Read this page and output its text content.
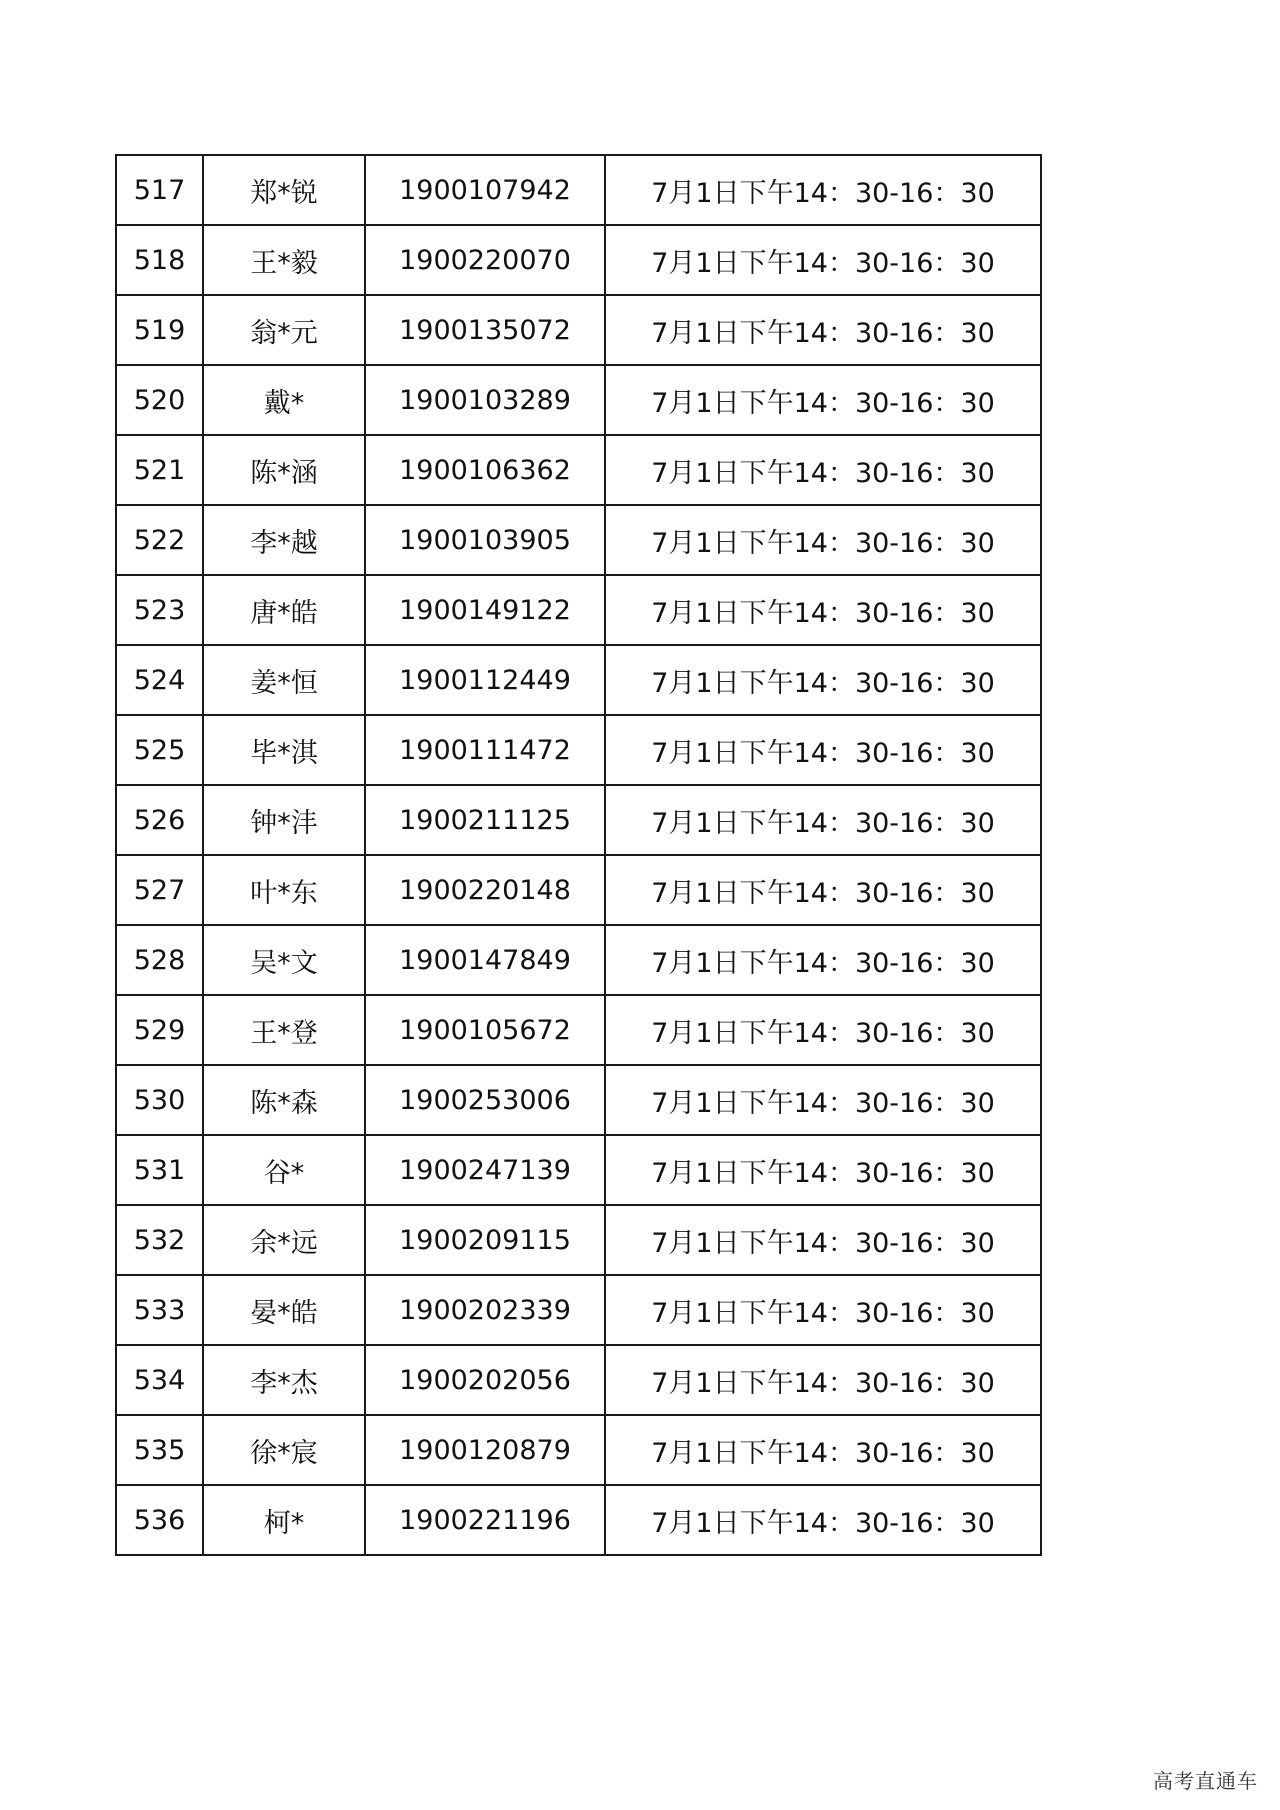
517	郑*锐	1900107942	7月1日下午14：30-16：30
518	王*毅	1900220070	7月1日下午14：30-16：30
519	翁*元	1900135072	7月1日下午14：30-16：30
520	戴*	1900103289	7月1日下午14：30-16：30
521	陈*涵	1900106362	7月1日下午14：30-16：30
522	李*越	1900103905	7月1日下午14：30-16：30
523	唐*皓	1900149122	7月1日下午14：30-16：30
524	姜*恒	1900112449	7月1日下午14：30-16：30
525	毕*淇	1900111472	7月1日下午14：30-16：30
526	钟*沣	1900211125	7月1日下午14：30-16：30
527	叶*东	1900220148	7月1日下午14：30-16：30
528	吴*文	1900147849	7月1日下午14：30-16：30
529	王*登	1900105672	7月1日下午14：30-16：30
530	陈*森	1900253006	7月1日下午14：30-16：30
531	谷*	1900247139	7月1日下午14：30-16：30
532	余*远	1900209115	7月1日下午14：30-16：30
533	晏*皓	1900202339	7月1日下午14：30-16：30
534	李*杰	1900202056	7月1日下午14：30-16：30
535	徐*宸	1900120879	7月1日下午14：30-16：30
536	柯*	1900221196	7月1日下午14：30-16：30
高考直通车
